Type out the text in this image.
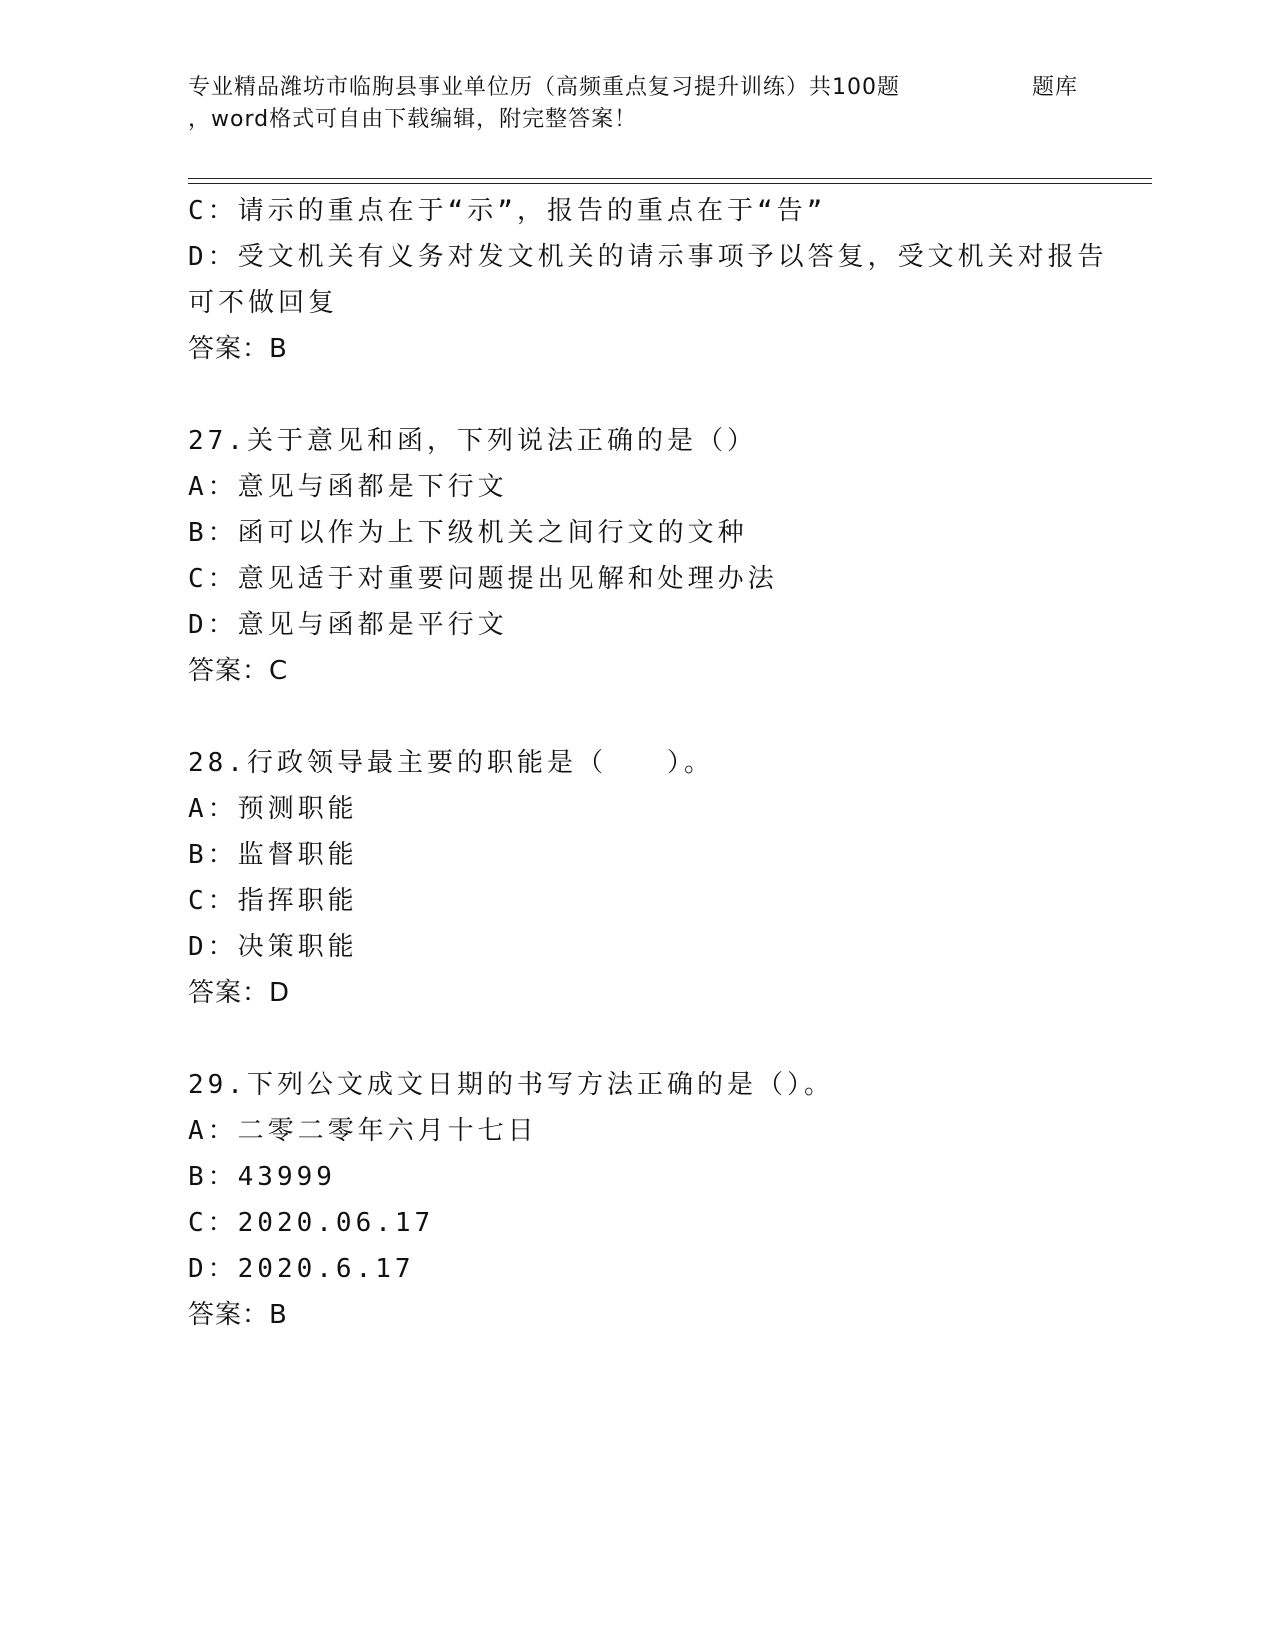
专业精品潍坊市临朐县事业单位历（高频重点复习提升训练）共100题	题库
，word格式可自由下载编辑，附完整答案！
C：请示的重点在于“示”，报告的重点在于“告”
D：受文机关有义务对发文机关的请示事项予以答复，受文机关对报告
可不做回复
答案：B
27.关于意见和函，下列说法正确的是（）
A：意见与函都是下行文
B：函可以作为上下级机关之间行文的文种
C：意见适于对重要问题提出见解和处理办法
D：意见与函都是平行文
答案：C
28.行政领导最主要的职能是（　　）。
A：预测职能
B：监督职能
C：指挥职能
D：决策职能
答案：D
29.下列公文成文日期的书写方法正确的是（）。
A：二零二零年六月十七日
B：43999
C：2020.06.17
D：2020.6.17
答案：B
